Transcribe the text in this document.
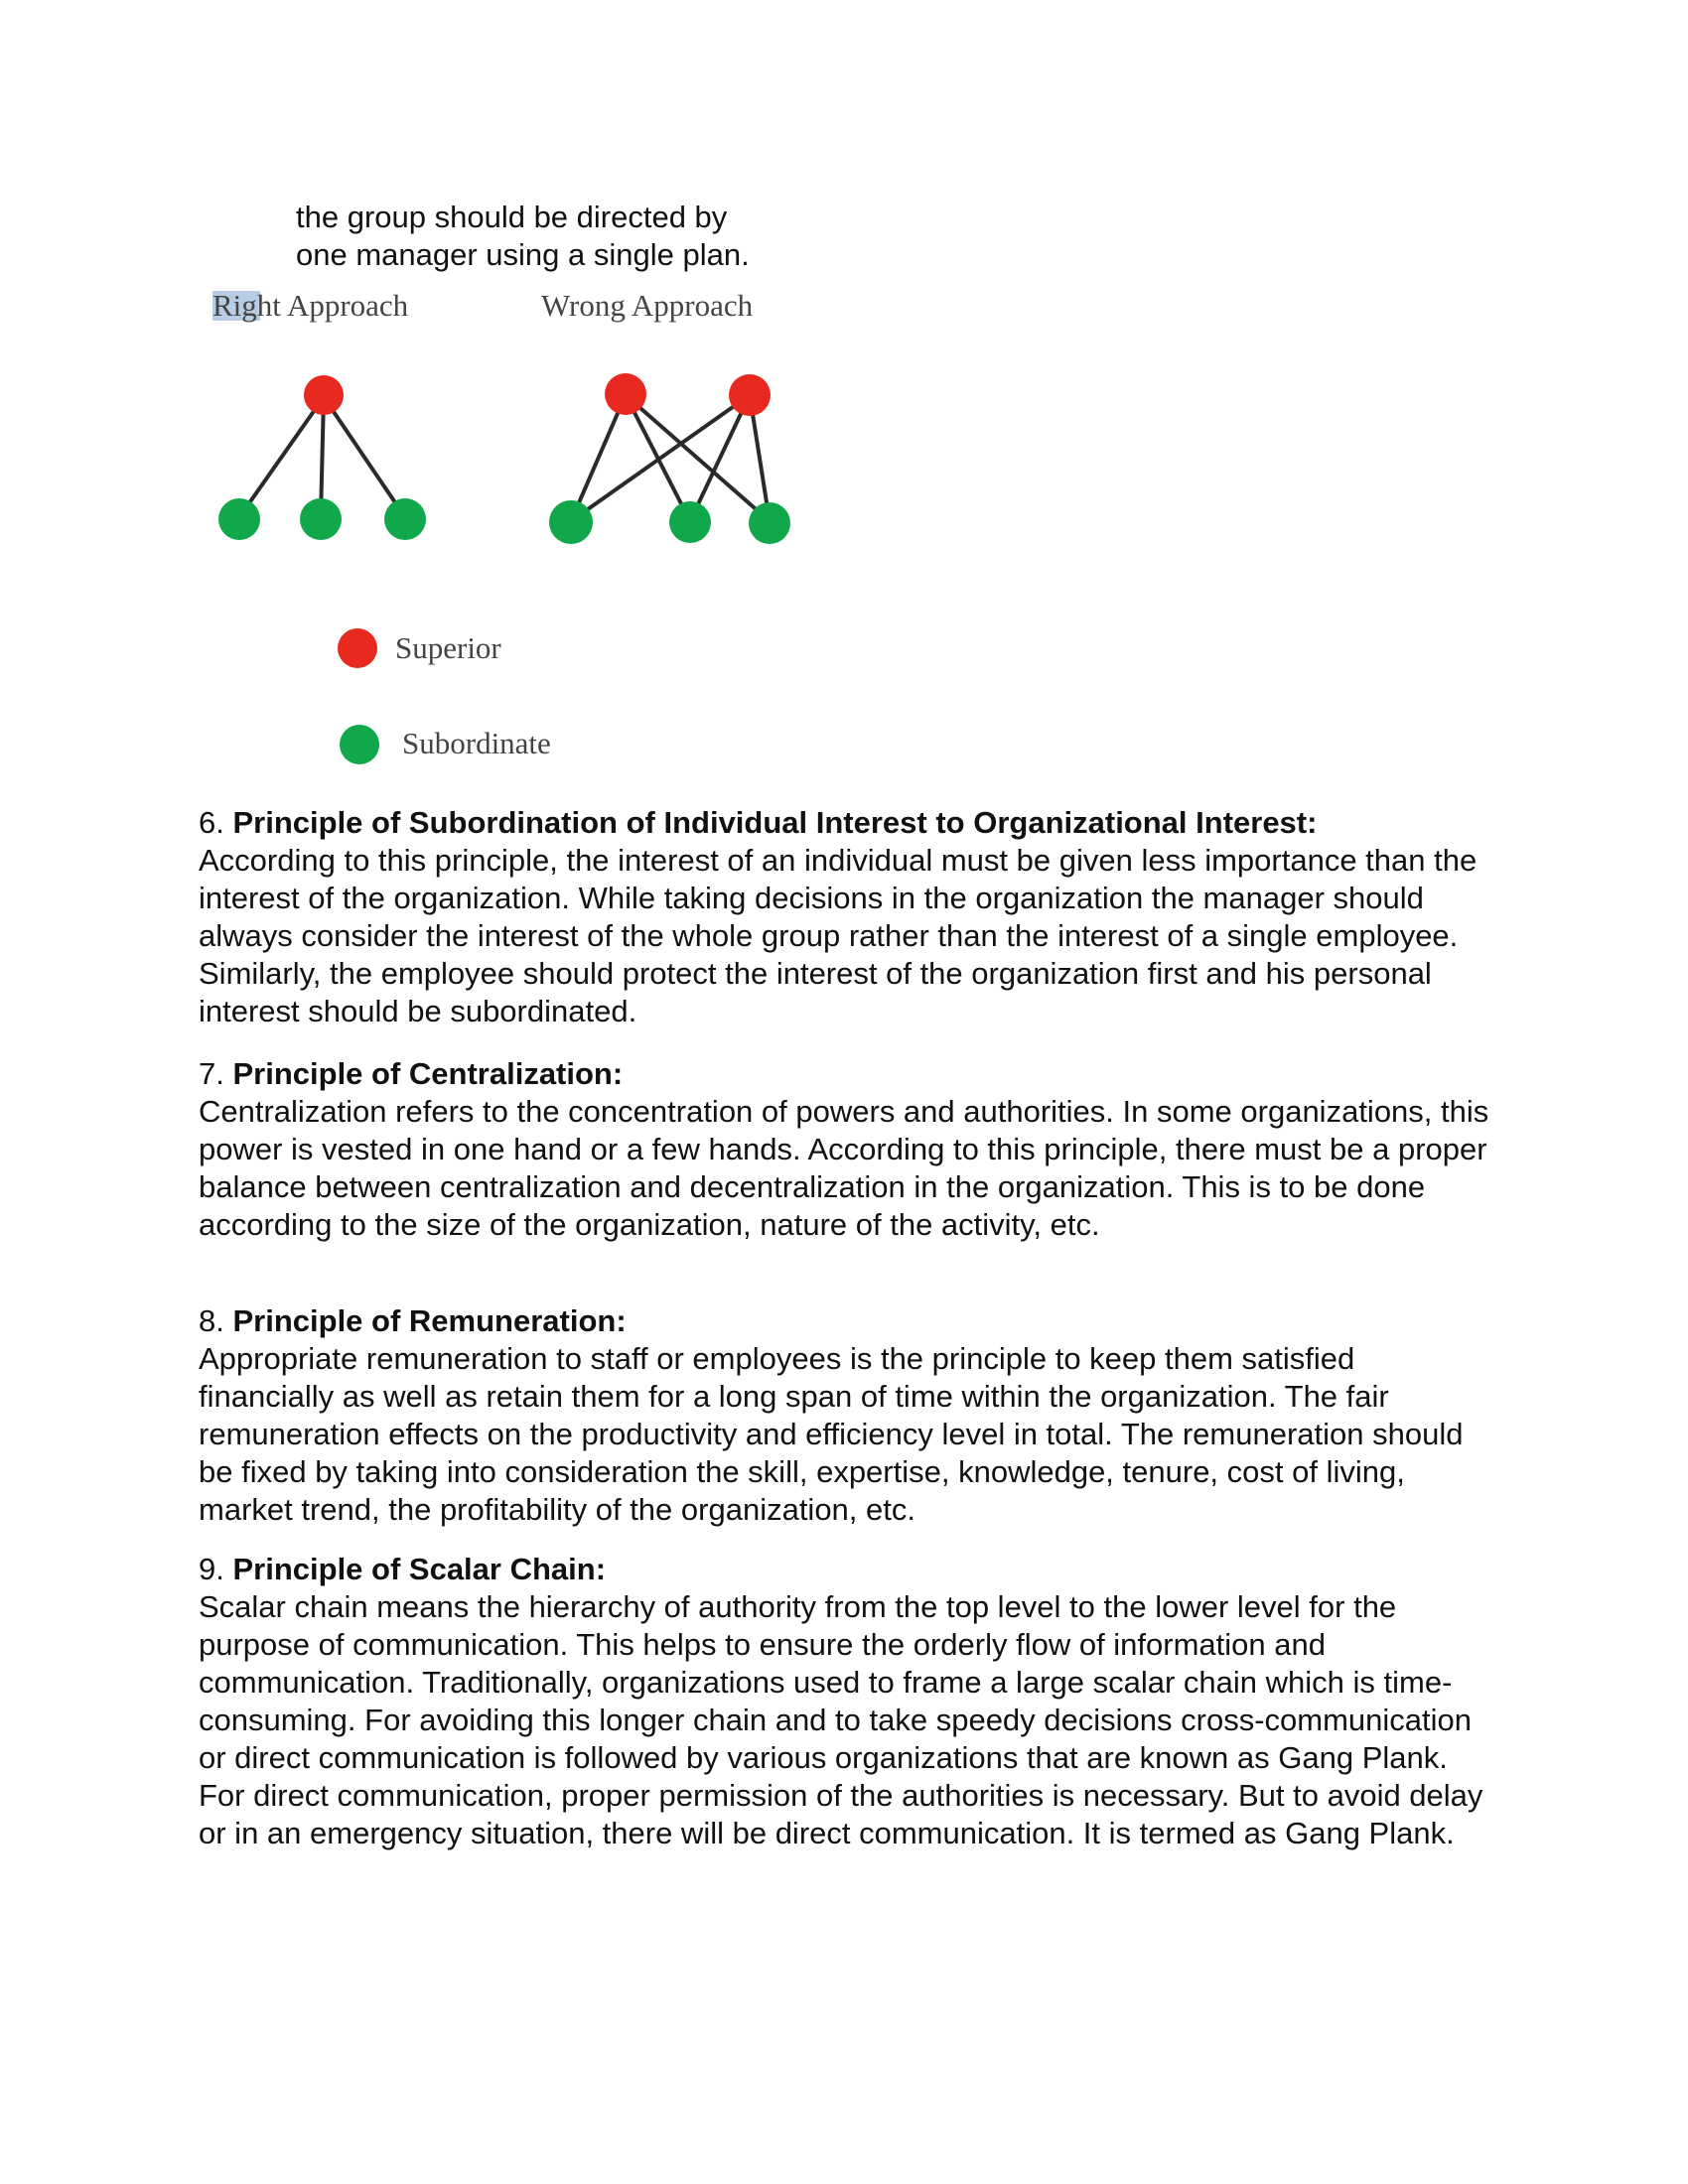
the group should be directed by
one manager using a single plan.
Right Approach	Wrong Approach
Superior
Subordinate
6. Principle of Subordination of Individual Interest to Organizational Interest:

According to this principle, the interest of an individual must be given less importance than the interest of the organization. While taking decisions in the organization the manager should always consider the interest of the whole group rather than the interest of a single employee. Similarly, the employee should protect the interest of the organization first and his personal interest should be subordinated.

7. Principle of Centralization:

Centralization refers to the concentration of powers and authorities. In some organizations, this power is vested in one hand or a few hands. According to this principle, there must be a proper balance between centralization and decentralization in the organization. This is to be done according to the size of the organization, nature of the activity, etc.

8. Principle of Remuneration:

Appropriate remuneration to staff or employees is the principle to keep them satisfied financially as well as retain them for a long span of time within the organization. The fair remuneration effects on the productivity and efficiency level in total. The remuneration should be fixed by taking into consideration the skill, expertise, knowledge, tenure, cost of living, market trend, the profitability of the organization, etc.

9. Principle of Scalar Chain:

Scalar chain means the hierarchy of authority from the top level to the lower level for the purpose of communication. This helps to ensure the orderly flow of information and communication. Traditionally, organizations used to frame a large scalar chain which is time-consuming. For avoiding this longer chain and to take speedy decisions cross-communication or direct communication is followed by various organizations that are known as Gang Plank. For direct communication, proper permission of the authorities is necessary. But to avoid delay or in an emergency situation, there will be direct communication. It is termed as Gang Plank.
